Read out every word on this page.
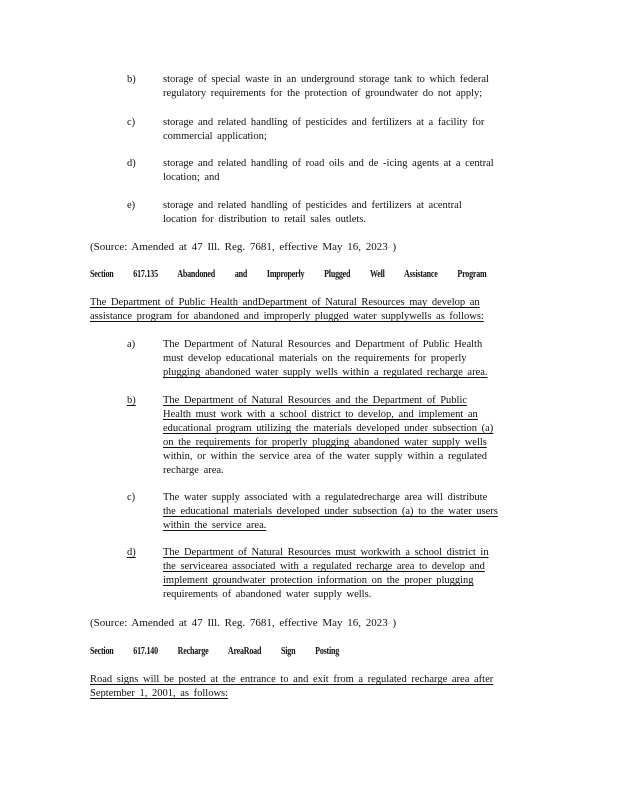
b)	storage of special waste in an underground storage tank to which federal
regulatory requirements for the protection of groundwater do not apply;
c)	storage and related handling of pesticides and fertilizers at a facility for
commercial application;
d)	storage and related handling of road oils and de -icing agents at a central
location; and
e)	storage and related handling of pesticides and fertilizers at acentral
location for distribution to retail sales outlets.
(Source: Amended at 47 Ill. Reg. 7681, effective May 16, 2023 )
Section 617.135 Abandoned and Improperly Plugged Well Assistance Program
The Department of Public Health andDepartment of Natural Resources may develop an
assistance program for abandoned and improperly plugged water supplywells as follows:
a)	The Department of Natural Resources and Department of Public Health
must develop educational materials on the requirements for properly
plugging abandoned water supply wells within a regulated recharge area.
b)	The Department of Natural Resources and the Department of Public
Health must work with a school district to develop, and implement an
educational program utilizing the materials developed under subsection (a)
on the requirements for properly plugging abandoned water supply wells
within, or within the service area of the water supply within a regulated
recharge area.
c)	The water supply associated with a regulatedrecharge area will distribute
the educational materials developed under subsection (a) to the water users
within the service area.
d)	The Department of Natural Resources must workwith a school district in
the servicearea associated with a regulated recharge area to develop and
implement groundwater protection information on the proper plugging
requirements of abandoned water supply wells.
(Source: Amended at 47 Ill. Reg. 7681, effective May 16, 2023 )
Section 617.140 Recharge AreaRoad Sign Posting
Road signs will be posted at the entrance to and exit from a regulated recharge area after
September 1, 2001, as follows:
